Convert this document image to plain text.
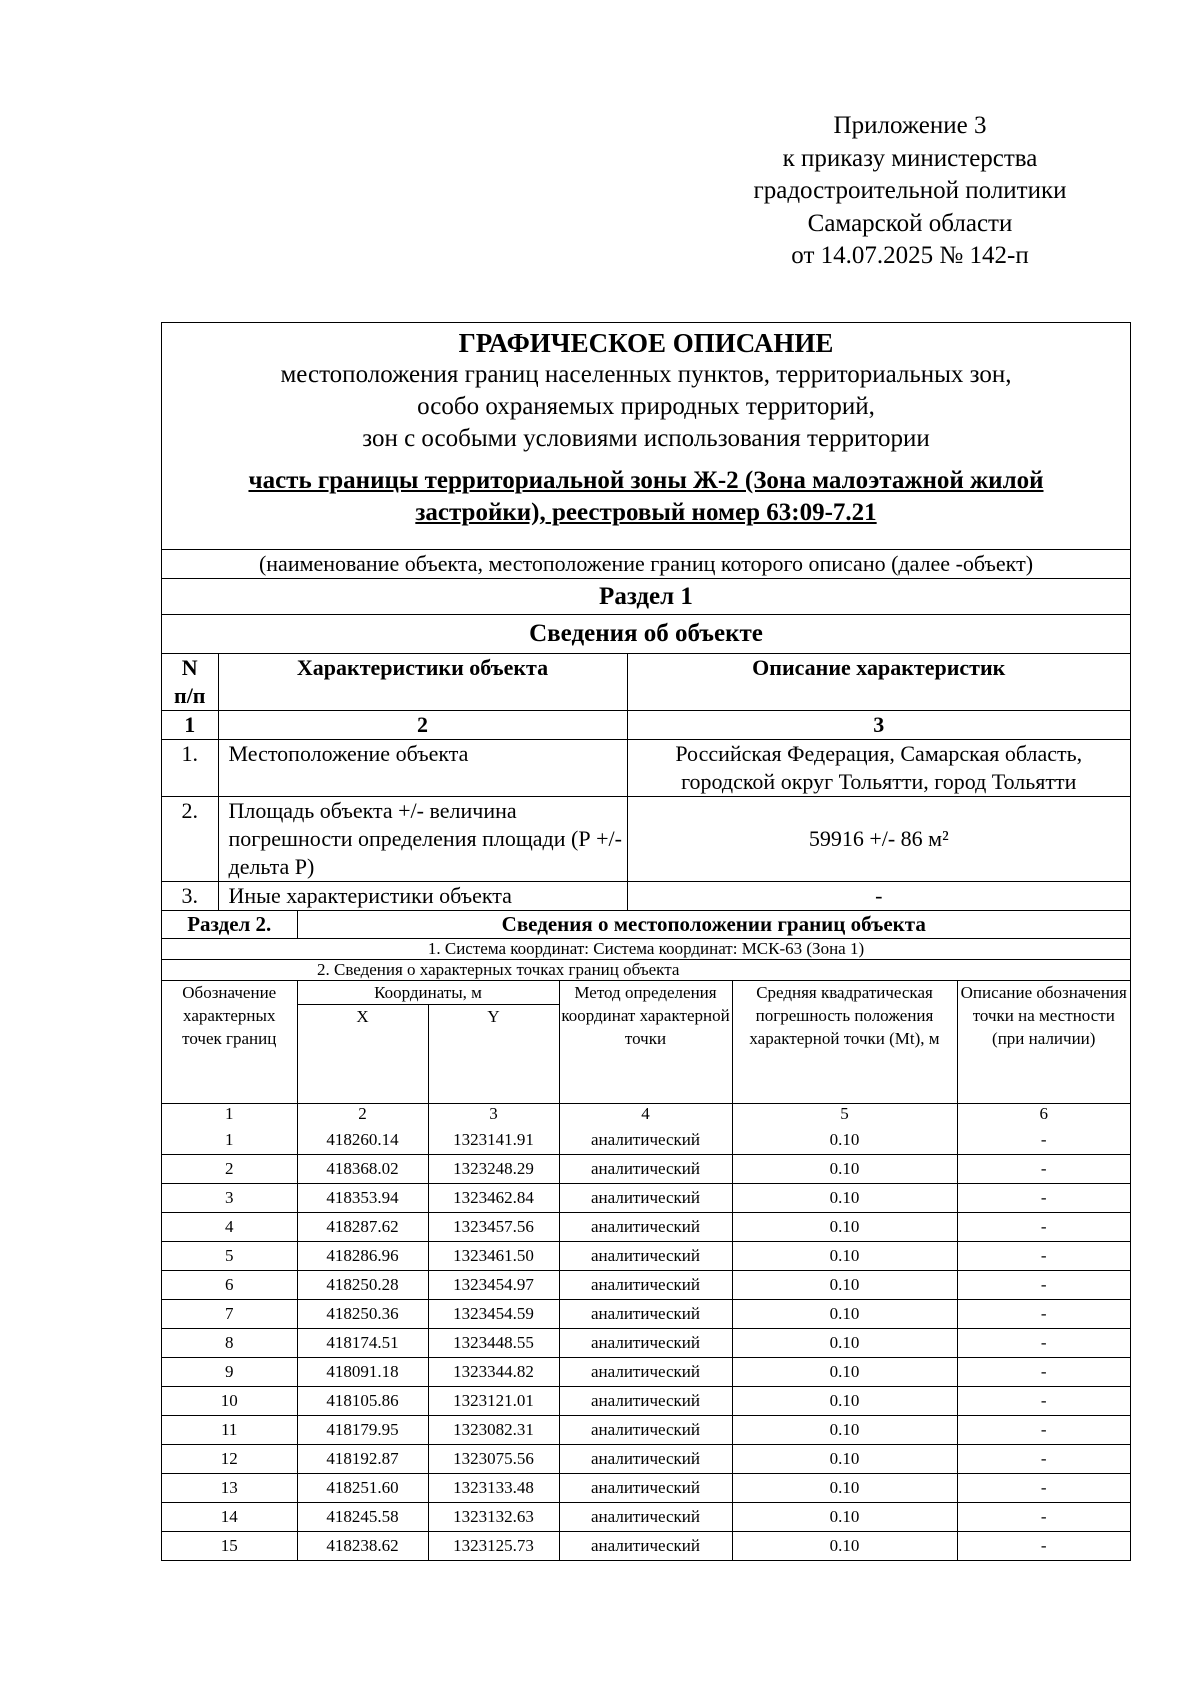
Приложение 3
к приказу министерства
градостроительной политики
Самарской области
от 14.07.2025 № 142-п
ГРАФИЧЕСКОЕ ОПИСАНИЕ
местоположения границ населенных пунктов, территориальных зон,
особо охраняемых природных территорий,
зон с особыми условиями использования территории
часть границы территориальной зоны Ж-2 (Зона малоэтажной жилой застройки), реестровый номер 63:09-7.21

(наименование объекта, местоположение границ которого описано (далее -объект)
Раздел 1
Сведения об объекте

N п/п	Характеристики объекта	Описание характеристик
1	2	3
1.	Местоположение объекта	Российская Федерация, Самарская область, городской округ Тольятти, город Тольятти
2.	Площадь объекта +/- величина погрешности определения площади (Р +/-дельта Р)	59916 +/- 86 м²
3.	Иные характеристики объекта	-

Раздел 2.	Сведения о местоположении границ объекта
1. Система координат: Система координат: МСК-63 (Зона 1)
2. Сведения о характерных точках границ объекта
Обозначение характерных точек границ	Координаты, м	Метод определения координат характерной точки	Средняя квадратическая погрешность положения характерной точки (Mt), м	Описание обозначения точки на местности (при наличии)
X	Y
1	2	3	4	5	6
1	418260.14	1323141.91	аналитический	0.10	-
2	418368.02	1323248.29	аналитический	0.10	-
3	418353.94	1323462.84	аналитический	0.10	-
4	418287.62	1323457.56	аналитический	0.10	-
5	418286.96	1323461.50	аналитический	0.10	-
6	418250.28	1323454.97	аналитический	0.10	-
7	418250.36	1323454.59	аналитический	0.10	-
8	418174.51	1323448.55	аналитический	0.10	-
9	418091.18	1323344.82	аналитический	0.10	-
10	418105.86	1323121.01	аналитический	0.10	-
11	418179.95	1323082.31	аналитический	0.10	-
12	418192.87	1323075.56	аналитический	0.10	-
13	418251.60	1323133.48	аналитический	0.10	-
14	418245.58	1323132.63	аналитический	0.10	-
15	418238.62	1323125.73	аналитический	0.10	-
